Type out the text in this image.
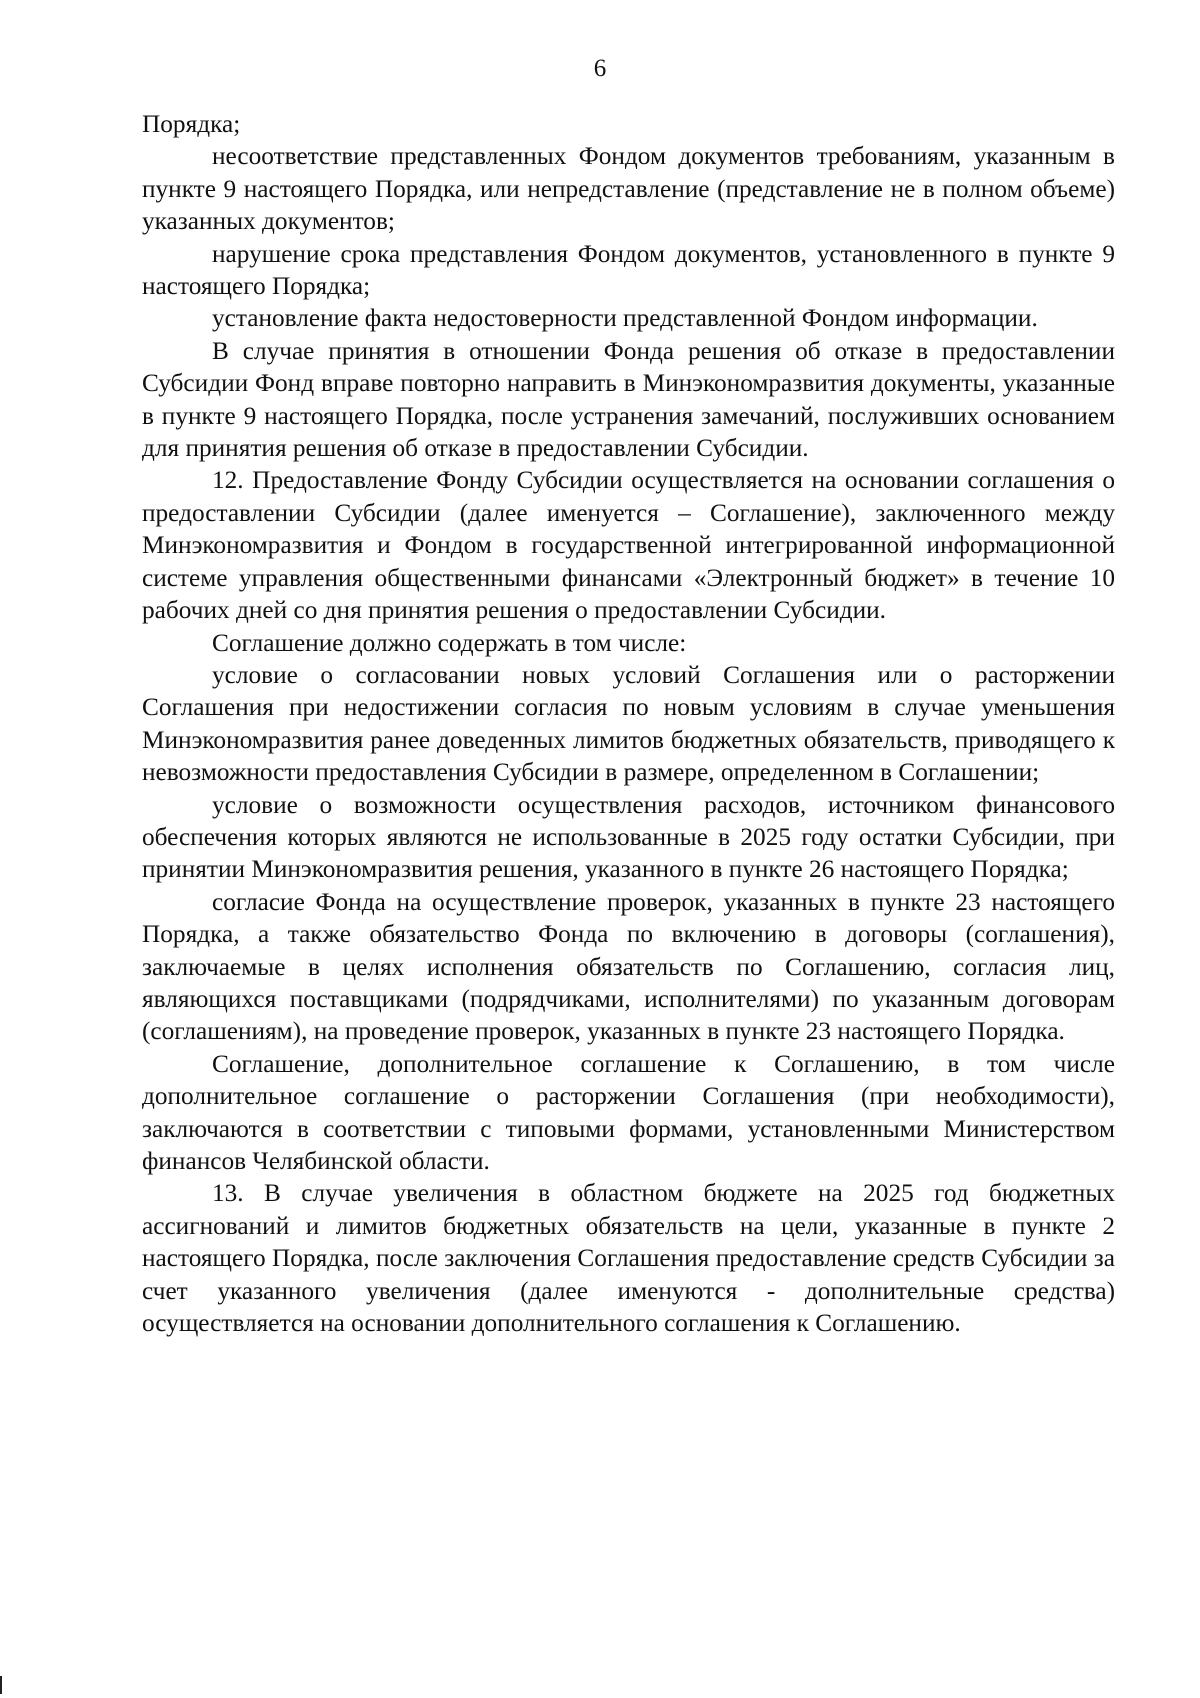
6

Порядка;

несоответствие представленных Фондом документов требованиям, указанным в пункте 9 настоящего Порядка, или непредставление (представление не в полном объеме) указанных документов;

нарушение срока представления Фондом документов, установленного в пункте 9 настоящего Порядка;

установление факта недостоверности представленной Фондом информации.

В случае принятия в отношении Фонда решения об отказе в предоставлении Субсидии Фонд вправе повторно направить в Минэкономразвития документы, указанные в пункте 9 настоящего Порядка, после устранения замечаний, послуживших основанием для принятия решения об отказе в предоставлении Субсидии.

12. Предоставление Фонду Субсидии осуществляется на основании соглашения о предоставлении Субсидии (далее именуется – Соглашение), заключенного между Минэкономразвития и Фондом в государственной интегрированной информационной системе управления общественными финансами «Электронный бюджет» в течение 10 рабочих дней со дня принятия решения о предоставлении Субсидии.

Соглашение должно содержать в том числе:

условие о согласовании новых условий Соглашения или о расторжении Соглашения при недостижении согласия по новым условиям в случае уменьшения Минэкономразвития ранее доведенных лимитов бюджетных обязательств, приводящего к невозможности предоставления Субсидии в размере, определенном в Соглашении;

условие о возможности осуществления расходов, источником финансового обеспечения которых являются не использованные в 2025 году остатки Субсидии, при принятии Минэкономразвития решения, указанного в пункте 26 настоящего Порядка;

согласие Фонда на осуществление проверок, указанных в пункте 23 настоящего Порядка, а также обязательство Фонда по включению в договоры (соглашения), заключаемые в целях исполнения обязательств по Соглашению, согласия лиц, являющихся поставщиками (подрядчиками, исполнителями) по указанным договорам (соглашениям), на проведение проверок, указанных в пункте 23 настоящего Порядка.

Соглашение, дополнительное соглашение к Соглашению, в том числе дополнительное соглашение о расторжении Соглашения (при необходимости), заключаются в соответствии с типовыми формами, установленными Министерством финансов Челябинской области.

13. В случае увеличения в областном бюджете на 2025 год бюджетных ассигнований и лимитов бюджетных обязательств на цели, указанные в пункте 2 настоящего Порядка, после заключения Соглашения предоставление средств Субсидии за счет указанного увеличения (далее именуются - дополнительные средства) осуществляется на основании дополнительного соглашения к Соглашению.
